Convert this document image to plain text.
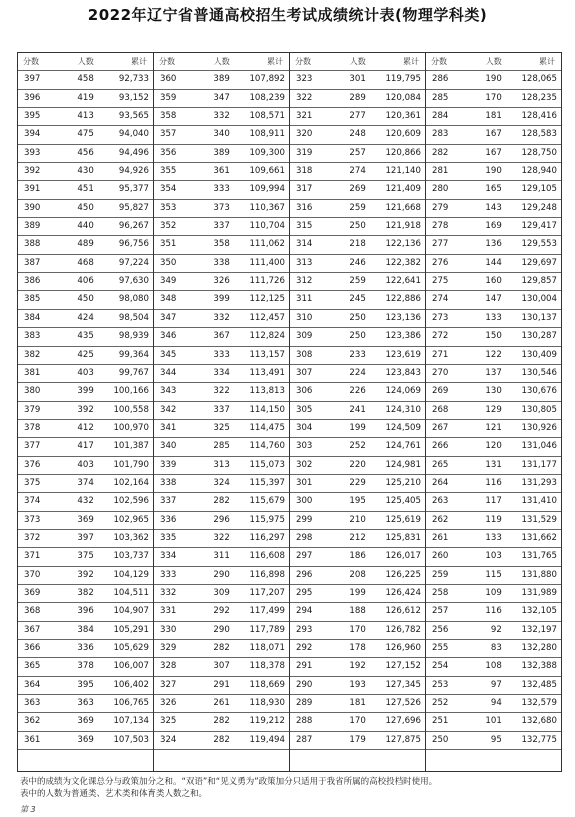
2022年辽宁省普通高校招生考试成绩统计表(物理学科类)
分数	人数	累计
397	458	92,733
396	419	93,152
395	413	93,565
394	475	94,040
393	456	94,496
392	430	94,926
391	451	95,377
390	450	95,827
389	440	96,267
388	489	96,756
387	468	97,224
386	406	97,630
385	450	98,080
384	424	98,504
383	435	98,939
382	425	99,364
381	403	99,767
380	399	100,166
379	392	100,558
378	412	100,970
377	417	101,387
376	403	101,790
375	374	102,164
374	432	102,596
373	369	102,965
372	397	103,362
371	375	103,737
370	392	104,129
369	382	104,511
368	396	104,907
367	384	105,291
366	336	105,629
365	378	106,007
364	395	106,402
363	363	106,765
362	369	107,134
361	369	107,503
分数	人数	累计
360	389	107,892
359	347	108,239
358	332	108,571
357	340	108,911
356	389	109,300
355	361	109,661
354	333	109,994
353	373	110,367
352	337	110,704
351	358	111,062
350	338	111,400
349	326	111,726
348	399	112,125
347	332	112,457
346	367	112,824
345	333	113,157
344	334	113,491
343	322	113,813
342	337	114,150
341	325	114,475
340	285	114,760
339	313	115,073
338	324	115,397
337	282	115,679
336	296	115,975
335	322	116,297
334	311	116,608
333	290	116,898
332	309	117,207
331	292	117,499
330	290	117,789
329	282	118,071
328	307	118,378
327	291	118,669
326	261	118,930
325	282	119,212
324	282	119,494
分数	人数	累计
323	301	119,795
322	289	120,084
321	277	120,361
320	248	120,609
319	257	120,866
318	274	121,140
317	269	121,409
316	259	121,668
315	250	121,918
314	218	122,136
313	246	122,382
312	259	122,641
311	245	122,886
310	250	123,136
309	250	123,386
308	233	123,619
307	224	123,843
306	226	124,069
305	241	124,310
304	199	124,509
303	252	124,761
302	220	124,981
301	229	125,210
300	195	125,405
299	210	125,619
298	212	125,831
297	186	126,017
296	208	126,225
295	199	126,424
294	188	126,612
293	170	126,782
292	178	126,960
291	192	127,152
290	193	127,345
289	181	127,526
288	170	127,696
287	179	127,875
分数	人数	累计
286	190	128,065
285	170	128,235
284	181	128,416
283	167	128,583
282	167	128,750
281	190	128,940
280	165	129,105
279	143	129,248
278	169	129,417
277	136	129,553
276	144	129,697
275	160	129,857
274	147	130,004
273	133	130,137
272	150	130,287
271	122	130,409
270	137	130,546
269	130	130,676
268	129	130,805
267	121	130,926
266	120	131,046
265	131	131,177
264	116	131,293
263	117	131,410
262	119	131,529
261	133	131,662
260	103	131,765
259	115	131,880
258	109	131,989
257	116	132,105
256	92	132,197
255	83	132,280
254	108	132,388
253	97	132,485
252	94	132,579
251	101	132,680
250	95	132,775
表中的成绩为文化课总分与政策加分之和。“双语”和“见义勇为”政策加分只适用于我省所属的高校投档时使用。
表中的人数为普通类、艺术类和体育类人数之和。
第 3
